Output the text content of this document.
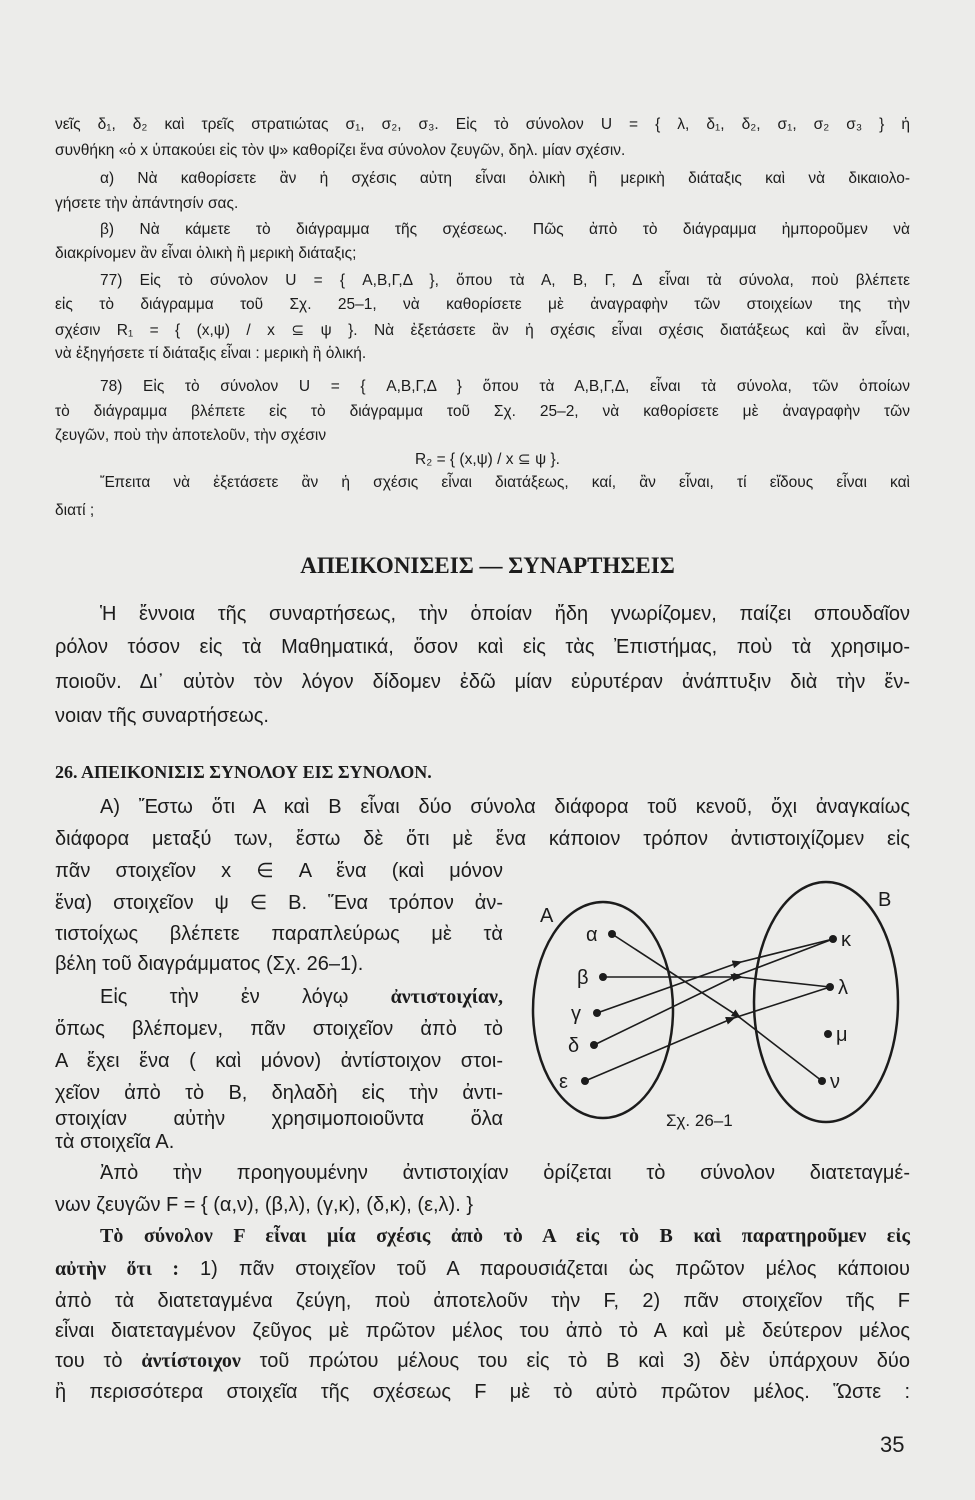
ΑΠΕΙΚΟΝΙΣΕΙΣ — ΣΥΝΑΡΤΗΣΕΙΣ
26. ΑΠΕΙΚΟΝΙΣΙΣ ΣΥΝΟΛΟΥ ΕΙΣ ΣΥΝΟΛΟΝ.
35
Α
Β
α
β
γ
δ
ε
κ
λ
μ
ν
Σχ. 26–1
νεῖς δ₁, δ₂ καὶ τρεῖς στρατιώτας σ₁, σ₂, σ₃. Εἰς τὸ σύνολον U = { λ, δ₁, δ₂, σ₁, σ₂ σ₃ } ἡ
συνθήκη «ὁ x ὑπακούει εἰς τὸν ψ» καθορίζει ἕνα σύνολον ζευγῶν, δηλ. μίαν σχέσιν.
α) Νὰ καθορίσετε ἂν ἡ σχέσις αὐτη εἶναι ὁλικὴ ἢ μερικὴ διάταξις καὶ νὰ δικαιολο-
γήσετε τὴν ἀπάντησίν σας.
β) Νὰ κάμετε τὸ διάγραμμα τῆς σχέσεως. Πῶς ἀπὸ τὸ διάγραμμα ἠμποροῦμεν νὰ
διακρίνομεν ἂν εἶναι ὁλικὴ ἢ μερικὴ διάταξις;
77) Εἰς τὸ σύνολον U = { Α,Β,Γ,Δ }, ὅπου τὰ Α, Β, Γ, Δ εἶναι τὰ σύνολα, ποὺ βλέπετε
εἰς τὸ διάγραμμα τοῦ Σχ. 25–1, νὰ καθορίσετε μὲ ἀναγραφὴν τῶν στοιχείων της τὴν
σχέσιν R₁ = { (x,ψ) / x ⊆ ψ }. Νὰ ἐξετάσετε ἂν ἡ σχέσις εἶναι σχέσις διατάξεως καὶ ἂν εἶναι,
νὰ ἐξηγήσετε τί διάταξις εἶναι : μερικὴ ἢ ὁλική.
78) Εἰς τὸ σύνολον U = { Α,Β,Γ,Δ } ὅπου τὰ Α,Β,Γ,Δ, εἶναι τὰ σύνολα, τῶν ὁποίων
τὸ διάγραμμα βλέπετε εἰς τὸ διάγραμμα τοῦ Σχ. 25–2, νὰ καθορίσετε μὲ ἀναγραφὴν τῶν
ζευγῶν, ποὺ τὴν ἀποτελοῦν, τὴν σχέσιν
R₂ = { (x,ψ) / x ⊆ ψ }.
Ἔπειτα νὰ ἐξετάσετε ἂν ἡ σχέσις εἶναι διατάξεως, καί, ἂν εἶναι, τί εἴδους εἶναι καὶ
διατί ;
Ἡ ἔννοια τῆς συναρτήσεως, τὴν ὁποίαν ἤδη γνωρίζομεν, παίζει σπουδαῖον
ρόλον τόσον εἰς τὰ Μαθηματικά, ὅσον καὶ εἰς τὰς Ἐπιστήμας, ποὺ τὰ χρησιμο-
ποιοῦν. Δι᾽ αὐτὸν τὸν λόγον δίδομεν ἐδῶ μίαν εὐρυτέραν ἀνάπτυξιν διὰ τὴν ἔν-
νοιαν τῆς συναρτήσεως.
Α) Ἔστω ὅτι Α καὶ Β εἶναι δύο σύνολα διάφορα τοῦ κενοῦ, ὄχι ἀναγκαίως
διάφορα μεταξύ των, ἔστω δὲ ὅτι μὲ ἕνα κάποιον τρόπον ἀντιστοιχίζομεν εἰς
πᾶν στοιχεῖον x ∈ Α ἕνα (καὶ μόνον
ἕνα) στοιχεῖον ψ ∈ Β. Ἕνα τρόπον ἀν-
τιστοίχως βλέπετε παραπλεύρως μὲ τὰ
βέλη τοῦ διαγράμματος (Σχ. 26–1).
Εἰς τὴν ἐν λόγῳ ἀντιστοιχίαν,
ὅπως βλέπομεν, πᾶν στοιχεῖον ἀπὸ τὸ
Α ἔχει ἕνα ( καὶ μόνον) ἀντίστοιχον στοι-
χεῖον ἀπὸ τὸ Β, δηλαδὴ εἰς τὴν ἀντι-
στοιχίαν αὐτὴν χρησιμοποιοῦντα ὅλα
τὰ στοιχεῖα Α.
Ἀπὸ τὴν προηγουμένην ἀντιστοιχίαν ὁρίζεται τὸ σύνολον διατεταγμέ-
νων ζευγῶν F = { (α,ν), (β,λ), (γ,κ), (δ,κ), (ε,λ). }
Τὸ σύνολον F εἶναι μία σχέσις ἀπὸ τὸ Α εἰς τὸ Β καὶ παρατηροῦμεν εἰς
αὐτὴν ὅτι : 1) πᾶν στοιχεῖον τοῦ Α παρουσιάζεται ὡς πρῶτον μέλος κάποιου
ἀπὸ τὰ διατεταγμένα ζεύγη, ποὺ ἀποτελοῦν τὴν F, 2) πᾶν στοιχεῖον τῆς F
εἶναι διατεταγμένον ζεῦγος μὲ πρῶτον μέλος του ἀπὸ τὸ Α καὶ μὲ δεύτερον μέλος
του τὸ ἀντίστοιχον τοῦ πρώτου μέλους του εἰς τὸ Β καὶ 3) δὲν ὑπάρχουν δύο
ἢ περισσότερα στοιχεῖα τῆς σχέσεως F μὲ τὸ αὐτὸ πρῶτον μέλος. Ὥστε :
